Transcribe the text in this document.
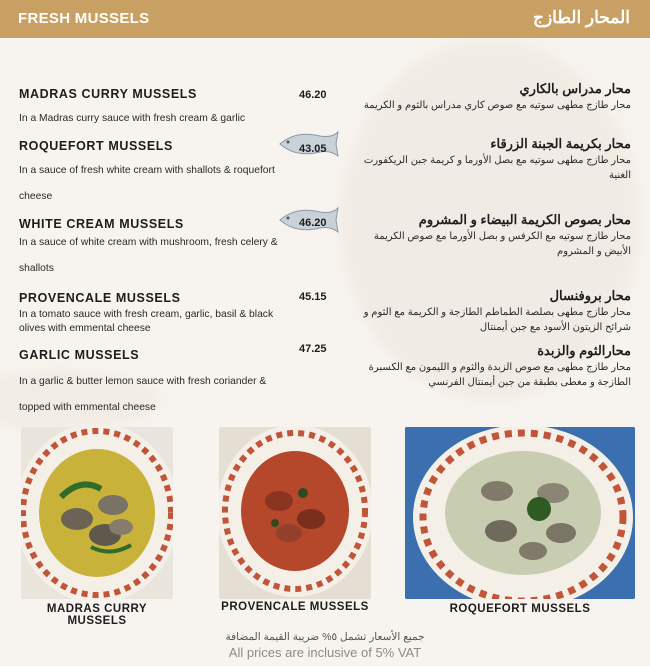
FRESH MUSSELS	المحار الطازج
MADRAS CURRY MUSSELS	46.20
In a Madras curry sauce with fresh cream & garlic
محار مدراس بالكاري
محار طازج مطهى سوتيه مع صوص كاري مدراس بالثوم و الكريمة
ROQUEFORT MUSSELS	43.05
In a sauce of fresh white cream with shallots & roquefort cheese
محار بكريمة الجبنة الزرقاء
محار طازج مطهى سوتيه مع بصل الأورما و كريمة جبن الريكفورت الغنية
WHITE CREAM MUSSELS	46.20
In a sauce of white cream with mushroom, fresh celery & shallots
محار بصوص الكريمة البيضاء و المشروم
محار طازج سوتيه مع الكرفس و بصل الأورما مع صوص الكريمة الأبيض و المشروم
PROVENCALE MUSSELS	45.15
In a tomato sauce with fresh cream, garlic, basil & black olives with emmental cheese
محار بروفنسال
محار طازج مطهى بصلصة الطماطم الطازجة و الكريمة مع الثوم و شرائح الزيتون الأسود مع جبن أيمنتال
GARLIC MUSSELS	47.25
In a garlic & butter lemon sauce with fresh coriander & topped with emmental cheese
محارالثوم والزبدة
محار طازج مطهى مع صوص الزبدة والثوم و الليمون مع الكسبرة الطازجة و مغطى بطبقة من جبن أيمنتال الفرنسي
MADRAS CURRY MUSSELS
PROVENCALE MUSSELS	ROQUEFORT MUSSELS
جميع الأسعار تشمل ٥% ضريبة القيمة المضافة
All prices are inclusive of 5% VAT
